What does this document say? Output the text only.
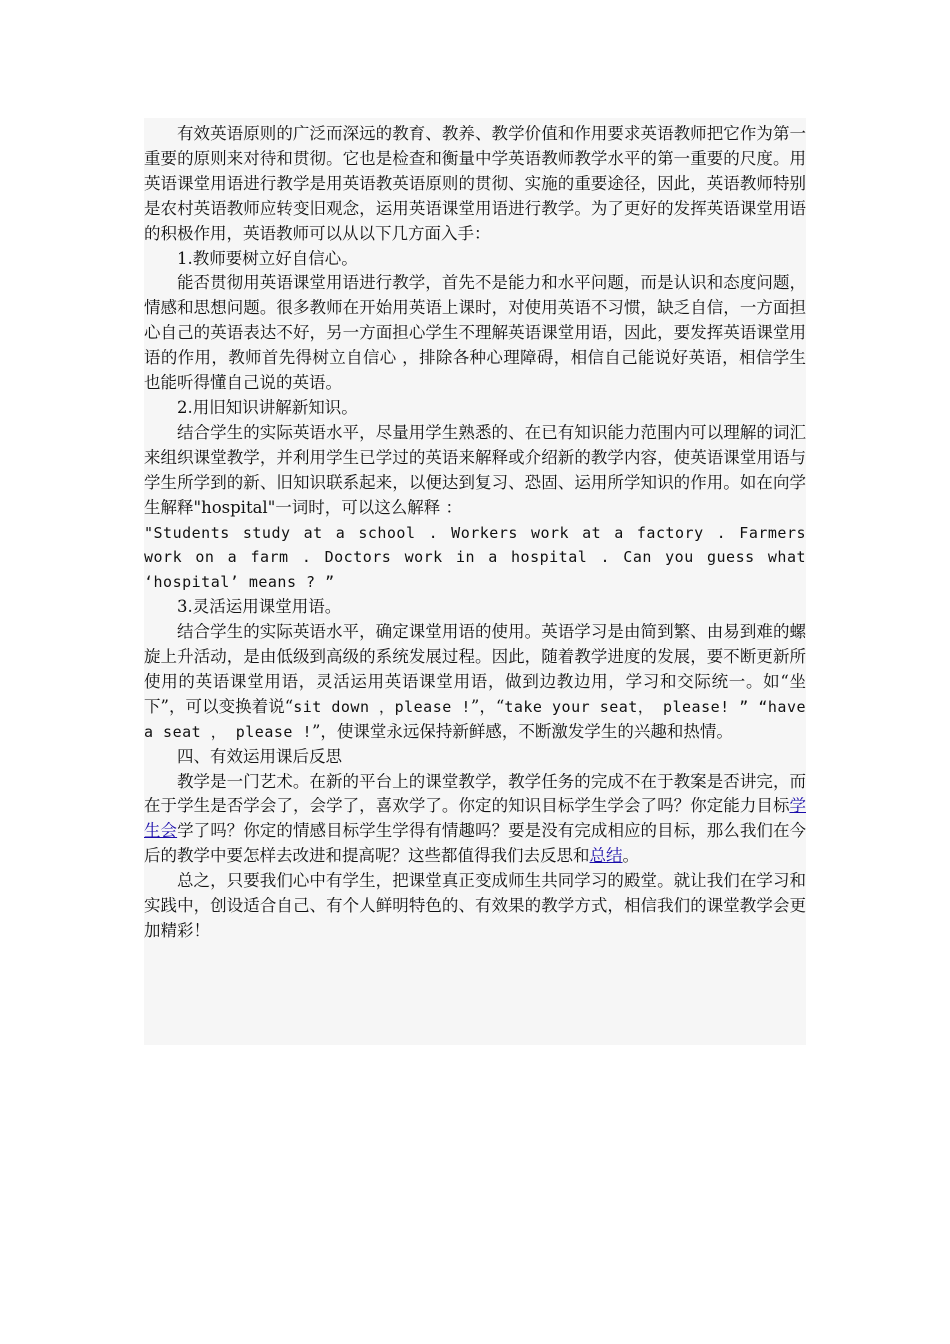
有效英语原则的广泛而深远的教育、教养、教学价值和作用要求英语教师把它作为第一重要的原则来对待和贯彻。它也是检查和衡量中学英语教师教学水平的第一重要的尺度。用英语课堂用语进行教学是用英语教英语原则的贯彻、实施的重要途径，因此，英语教师特别是农村英语教师应转变旧观念，运用英语课堂用语进行教学。为了更好的发挥英语课堂用语的积极作用，英语教师可以从以下几方面入手：

1.教师要树立好自信心。

能否贯彻用英语课堂用语进行教学，首先不是能力和水平问题，而是认识和态度问题，情感和思想问题。很多教师在开始用英语上课时，对使用英语不习惯，缺乏自信，一方面担心自己的英语表达不好，另一方面担心学生不理解英语课堂用语，因此，要发挥英语课堂用语的作用，教师首先得树立自信心 ，排除各种心理障碍，相信自己能说好英语，相信学生也能听得懂自己说的英语。

2.用旧知识讲解新知识。

结合学生的实际英语水平，尽量用学生熟悉的、在已有知识能力范围内可以理解的词汇来组织课堂教学，并利用学生已学过的英语来解释或介绍新的教学内容，使英语课堂用语与学生所学到的新、旧知识联系起来，以便达到复习、恐固、运用所学知识的作用。如在向学生解释"hospital"一词时，可以这么解释 ：

"Students study at a school . Workers work at a factory . Farmers work on a farm . Doctors work in a hospital . Can you guess what ‘hospital’ means ? ”

3.灵活运用课堂用语。

结合学生的实际英语水平，确定课堂用语的使用。英语学习是由简到繁、由易到难的螺旋上升活动，是由低级到高级的系统发展过程。因此，随着教学进度的发展，要不断更新所使用的英语课堂用语，灵活运用英语课堂用语，做到边教边用，学习和交际统一。如“坐下”，可以变换着说“sit down ，please !”，“take your seat， please! ” “have a seat ， please !”，使课堂永远保持新鲜感，不断激发学生的兴趣和热情。

四、有效运用课后反思

教学是一门艺术。在新的平台上的课堂教学，教学任务的完成不在于教案是否讲完，而在于学生是否学会了，会学了，喜欢学了。你定的知识目标学生学会了吗？你定能力目标学生会学了吗？你定的情感目标学生学得有情趣吗？要是没有完成相应的目标，那么我们在今后的教学中要怎样去改进和提高呢？这些都值得我们去反思和总结。

总之，只要我们心中有学生，把课堂真正变成师生共同学习的殿堂。就让我们在学习和实践中，创设适合自己、有个人鲜明特色的、有效果的教学方式，相信我们的课堂教学会更加精彩！
